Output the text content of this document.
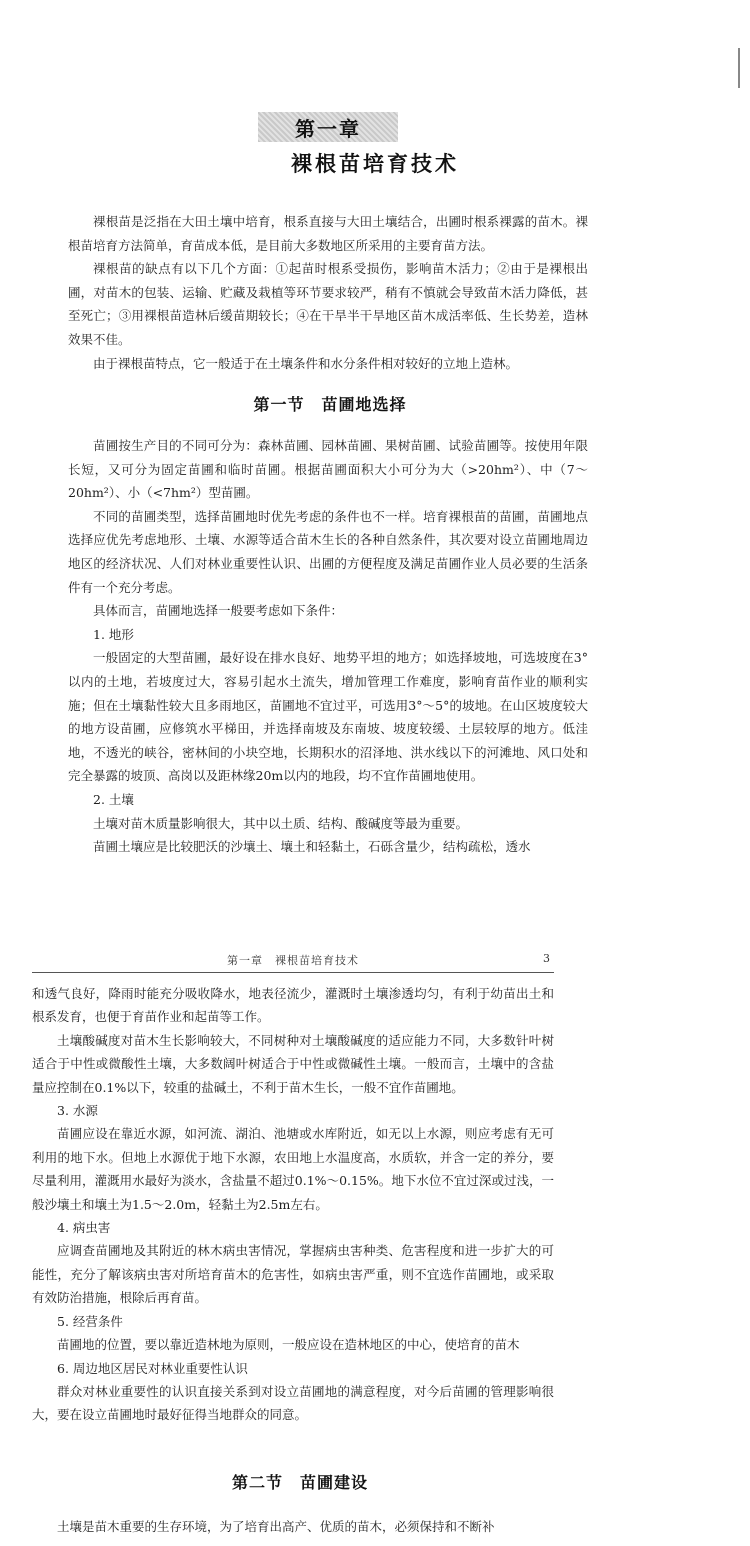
第一章
裸根苗培育技术

裸根苗是泛指在大田土壤中培育，根系直接与大田土壤结合，出圃时根系裸露的苗木。裸根苗培育方法简单，育苗成本低，是目前大多数地区所采用的主要育苗方法。

裸根苗的缺点有以下几个方面：①起苗时根系受损伤，影响苗木活力；②由于是裸根出圃，对苗木的包装、运输、贮藏及栽植等环节要求较严，稍有不慎就会导致苗木活力降低，甚至死亡；③用裸根苗造林后缓苗期较长；④在干旱半干旱地区苗木成活率低、生长势差，造林效果不佳。

由于裸根苗特点，它一般适于在土壤条件和水分条件相对较好的立地上造林。

第一节　苗圃地选择

苗圃按生产目的不同可分为：森林苗圃、园林苗圃、果树苗圃、试验苗圃等。按使用年限长短，又可分为固定苗圃和临时苗圃。根据苗圃面积大小可分为大（>20hm²）、中（7～20hm²）、小（<7hm²）型苗圃。

不同的苗圃类型，选择苗圃地时优先考虑的条件也不一样。培育裸根苗的苗圃，苗圃地点选择应优先考虑地形、土壤、水源等适合苗木生长的各种自然条件，其次要对设立苗圃地周边地区的经济状况、人们对林业重要性认识、出圃的方便程度及满足苗圃作业人员必要的生活条件有一个充分考虑。

具体而言，苗圃地选择一般要考虑如下条件：

1. 地形

一般固定的大型苗圃，最好设在排水良好、地势平坦的地方；如选择坡地，可选坡度在3°以内的土地，若坡度过大，容易引起水土流失，增加管理工作难度，影响育苗作业的顺利实施；但在土壤黏性较大且多雨地区，苗圃地不宜过平，可选用3°～5°的坡地。在山区坡度较大的地方设苗圃，应修筑水平梯田，并选择南坡及东南坡、坡度较缓、土层较厚的地方。低洼地，不透光的峡谷，密林间的小块空地，长期积水的沼泽地、洪水线以下的河滩地、风口处和完全暴露的坡顶、高岗以及距林缘20m以内的地段，均不宜作苗圃地使用。

2. 土壤

土壤对苗木质量影响很大，其中以土质、结构、酸碱度等最为重要。

苗圃土壤应是比较肥沃的沙壤土、壤土和轻黏土，石砾含量少，结构疏松，透水

第一章　裸根苗培育技术	3

和透气良好，降雨时能充分吸收降水，地表径流少，灌溉时土壤渗透均匀，有利于幼苗出土和根系发育，也便于育苗作业和起苗等工作。

土壤酸碱度对苗木生长影响较大，不同树种对土壤酸碱度的适应能力不同，大多数针叶树适合于中性或微酸性土壤，大多数阔叶树适合于中性或微碱性土壤。一般而言，土壤中的含盐量应控制在0.1%以下，较重的盐碱土，不利于苗木生长，一般不宜作苗圃地。

3. 水源

苗圃应设在靠近水源，如河流、湖泊、池塘或水库附近，如无以上水源，则应考虑有无可利用的地下水。但地上水源优于地下水源，农田地上水温度高，水质软，并含一定的养分，要尽量利用，灌溉用水最好为淡水，含盐量不超过0.1%～0.15%。地下水位不宜过深或过浅，一般沙壤土和壤土为1.5～2.0m，轻黏土为2.5m左右。

4. 病虫害

应调查苗圃地及其附近的林木病虫害情况，掌握病虫害种类、危害程度和进一步扩大的可能性，充分了解该病虫害对所培育苗木的危害性，如病虫害严重，则不宜选作苗圃地，或采取有效防治措施，根除后再育苗。

5. 经营条件

苗圃地的位置，要以靠近造林地为原则，一般应设在造林地区的中心，使培育的苗木

6. 周边地区居民对林业重要性认识

群众对林业重要性的认识直接关系到对设立苗圃地的满意程度，对今后苗圃的管理影响很大，要在设立苗圃地时最好征得当地群众的同意。

第二节　苗圃建设

土壤是苗木重要的生存环境，为了培育出高产、优质的苗木，必须保持和不断补
